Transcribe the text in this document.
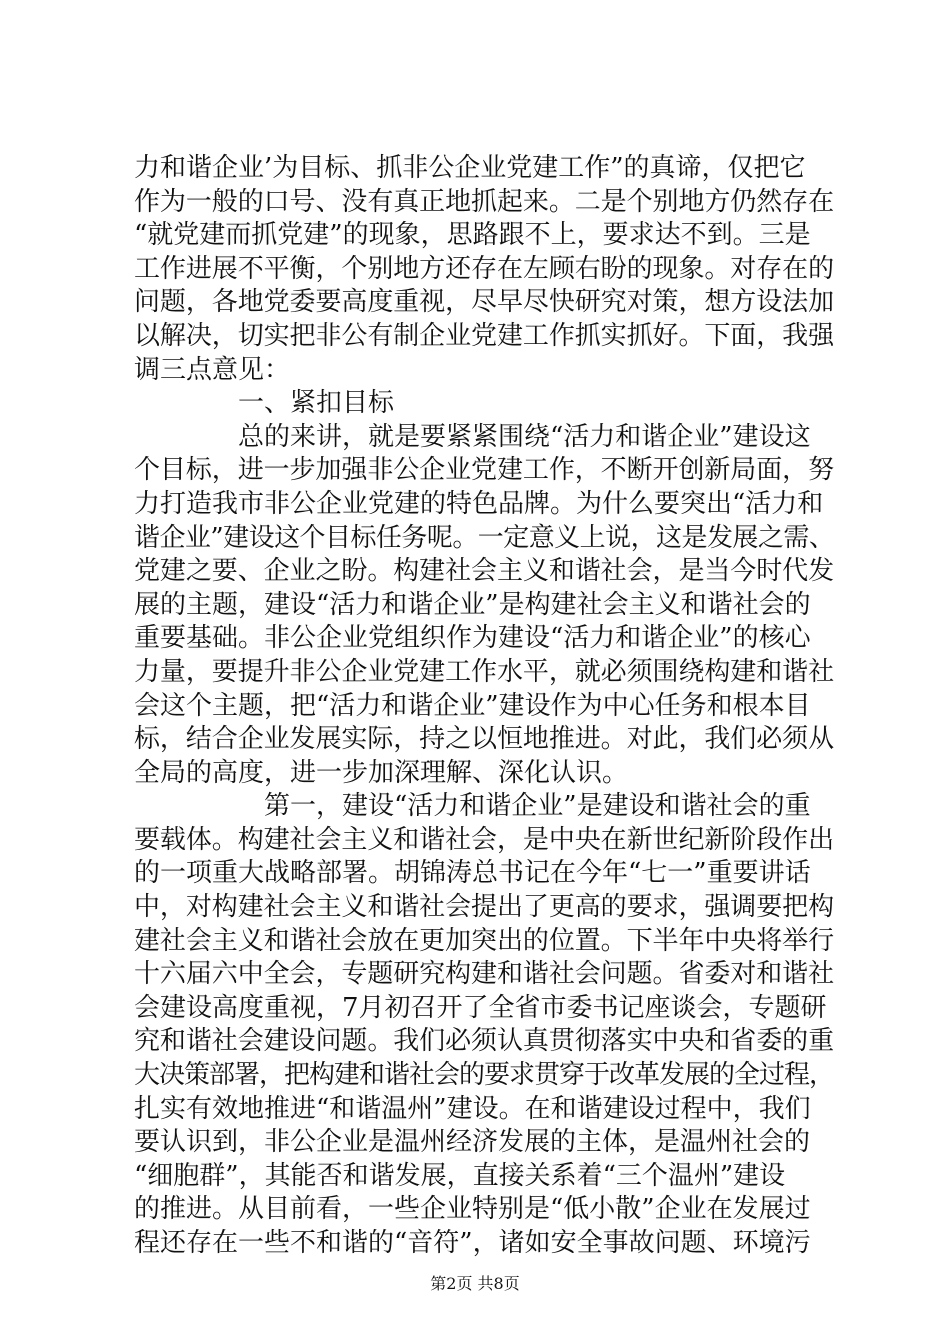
力和谐企业’为目标、抓非公企业党建工作”的真谛，仅把它
作为一般的口号、没有真正地抓起来。二是个别地方仍然存在
“就党建而抓党建”的现象，思路跟不上，要求达不到。三是
工作进展不平衡，个别地方还存在左顾右盼的现象。对存在的
问题，各地党委要高度重视，尽早尽快研究对策，想方设法加
以解决，切实把非公有制企业党建工作抓实抓好。下面，我强
调三点意见：
　　　　一、紧扣目标
　　　　总的来讲，就是要紧紧围绕“活力和谐企业”建设这
个目标，进一步加强非公企业党建工作，不断开创新局面，努
力打造我市非公企业党建的特色品牌。为什么要突出“活力和
谐企业”建设这个目标任务呢。一定意义上说，这是发展之需、
党建之要、企业之盼。构建社会主义和谐社会，是当今时代发
展的主题，建设“活力和谐企业”是构建社会主义和谐社会的
重要基础。非公企业党组织作为建设“活力和谐企业”的核心
力量，要提升非公企业党建工作水平，就必须围绕构建和谐社
会这个主题，把“活力和谐企业”建设作为中心任务和根本目
标，结合企业发展实际，持之以恒地推进。对此，我们必须从
全局的高度，进一步加深理解、深化认识。
　　　　　第一，建设“活力和谐企业”是建设和谐社会的重
要载体。构建社会主义和谐社会，是中央在新世纪新阶段作出
的一项重大战略部署。胡锦涛总书记在今年“七一”重要讲话
中，对构建社会主义和谐社会提出了更高的要求，强调要把构
建社会主义和谐社会放在更加突出的位置。下半年中央将举行
十六届六中全会，专题研究构建和谐社会问题。省委对和谐社
会建设高度重视，7月初召开了全省市委书记座谈会，专题研
究和谐社会建设问题。我们必须认真贯彻落实中央和省委的重
大决策部署，把构建和谐社会的要求贯穿于改革发展的全过程，
扎实有效地推进“和谐温州”建设。在和谐建设过程中，我们
要认识到，非公企业是温州经济发展的主体，是温州社会的
“细胞群”，其能否和谐发展，直接关系着“三个温州”建设
的推进。从目前看，一些企业特别是“低小散”企业在发展过
程还存在一些不和谐的“音符”，诸如安全事故问题、环境污
第2页 共8页
